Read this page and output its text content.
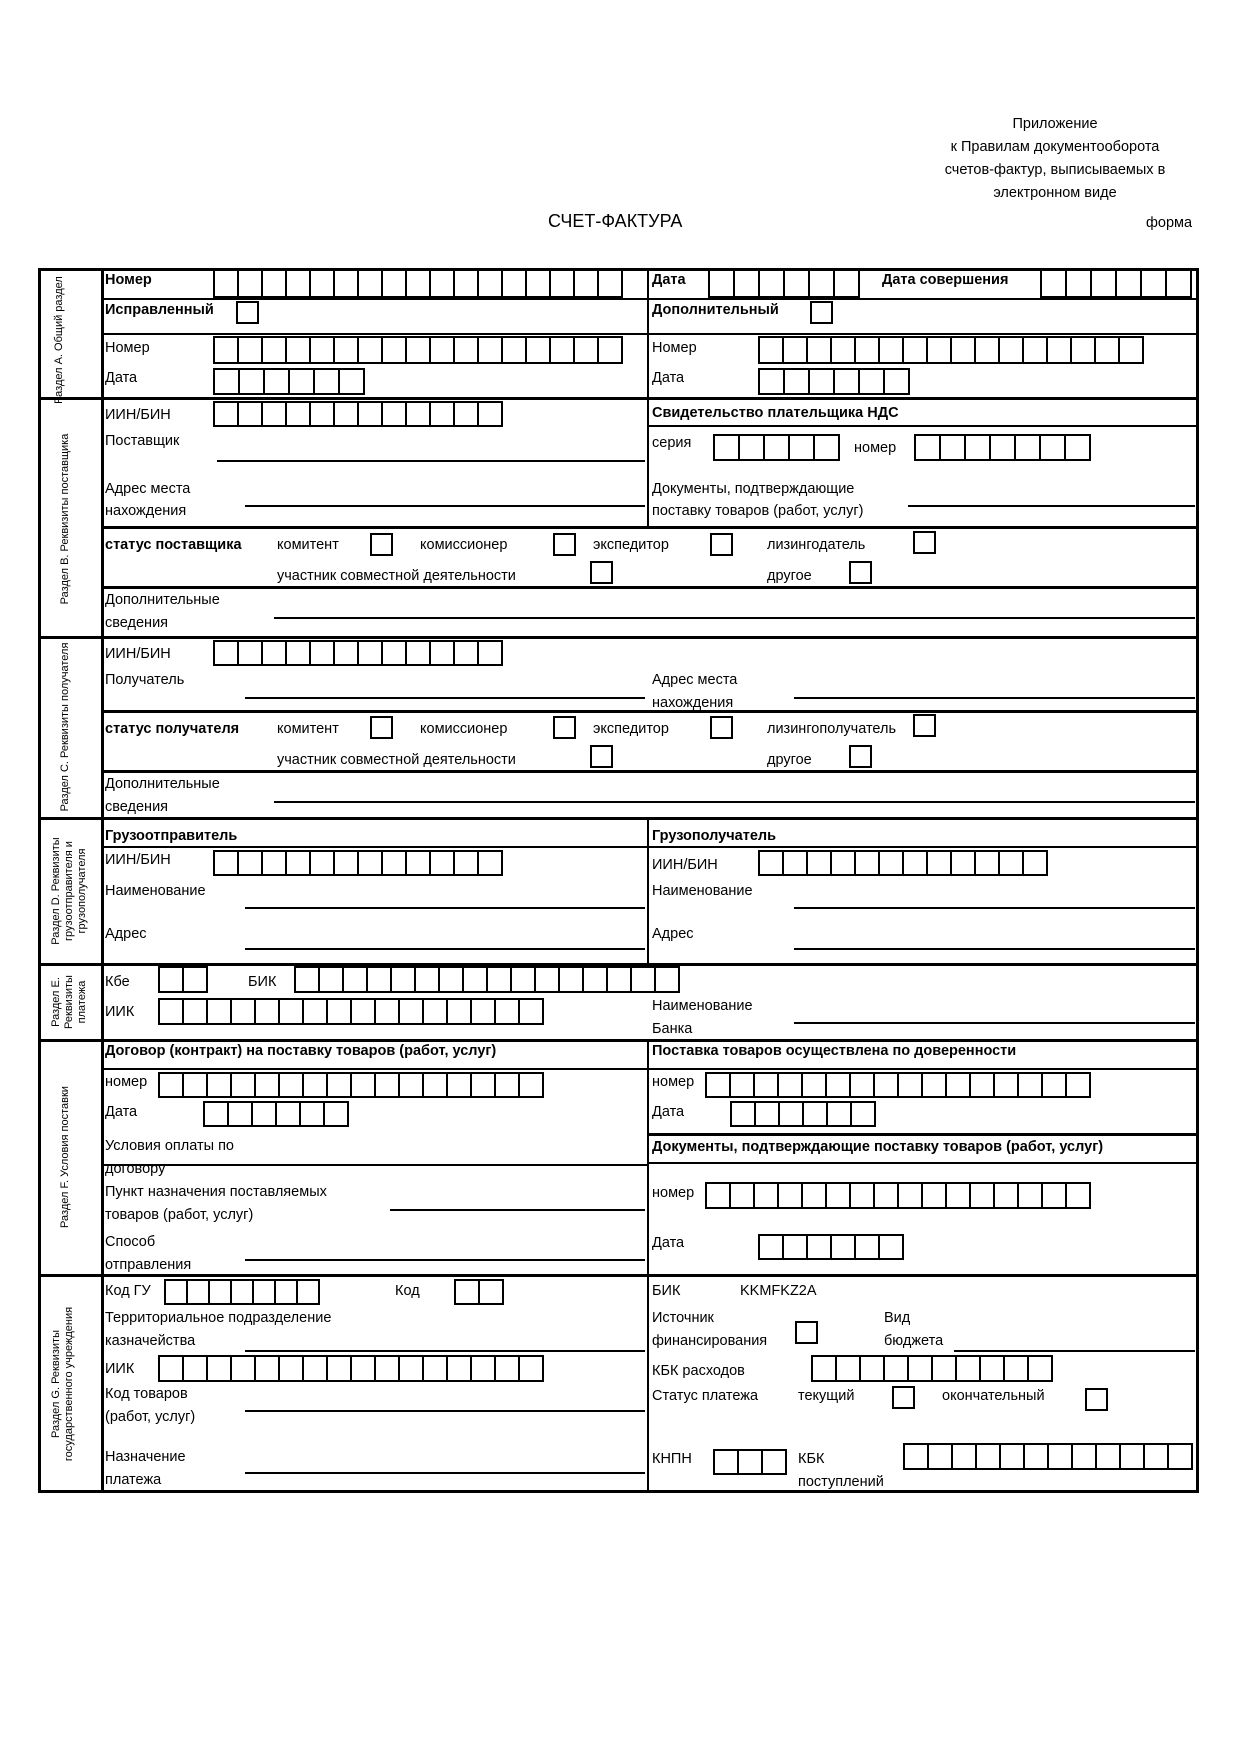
Приложение
к Правилам документооборота
счетов-фактур, выписываемых в
электронном виде
форма
СЧЕТ-ФАКТУРА
Раздел А. Общий раздел
Раздел B. Реквизиты поставщика
Раздел C. Реквизиты получателя
Раздел D. Реквизиты грузоотправителя и грузополучателя
Раздел E. Реквизиты платежа
Раздел F. Условия поставки
Раздел G. Реквизиты государственного учреждения
Номер	Дата	Дата совершения
Исправленный	Дополнительный
Номер
Дата
Номер
Дата
ИИН/БИН
Поставщик
Адрес места
нахождения
Свидетельство плательщика НДС
серия	номер
Документы, подтверждающие
поставку товаров (работ, услуг)
статус поставщика комитент	комиссионер	экспедитор	лизингодатель
участник совместной деятельности	другое
Дополнительные
сведения
ИИН/БИН
Получатель	Адрес места
нахождения
статус получателя	комитент	комиссионер	экспедитор	лизингополучатель
участник совместной деятельности	другое
Дополнительные
сведения
Грузоотправитель
ИИН/БИН
Наименование
Адрес
Грузополучатель
ИИН/БИН
Наименование
Адрес
Кбе	БИК
ИИК	Наименование
Банка
Договор (контракт) на поставку товаров (работ, услуг)
номер
Дата
Условия оплаты по
договору
Пункт назначения поставляемых
товаров (работ, услуг)
Способ
отправления
Поставка товаров осуществлена по доверенности
номер
Дата
Документы, подтверждающие поставку товаров (работ, услуг)
номер
Дата
Код ГУ	Код
Территориальное подразделение
казначейства
ИИК
Код товаров
(работ, услуг)
Назначение
платежа
БИК	KKMFKZ2A
Источник
финансирования
Вид
бюджета
КБК расходов
Статус платежа	текущий	окончательный
КНПН	КБК
поступлений
